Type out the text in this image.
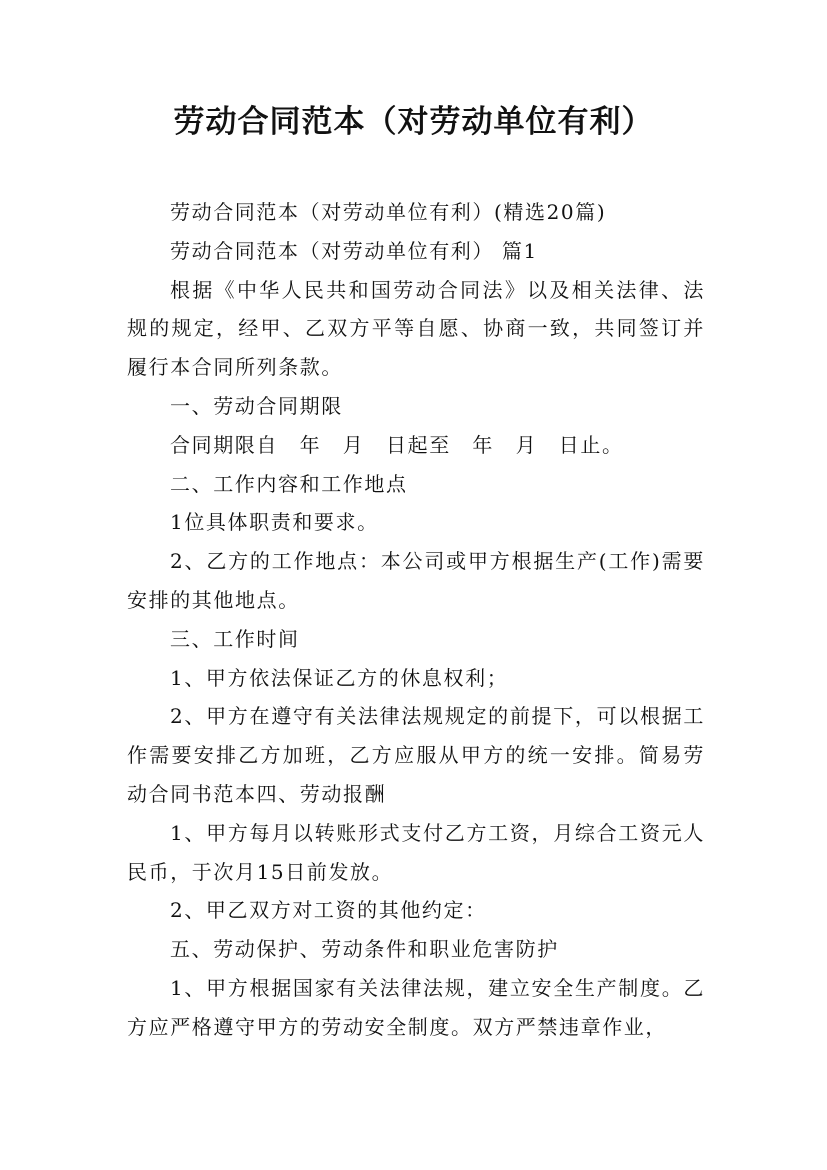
劳动合同范本（对劳动单位有利）

劳动合同范本（对劳动单位有利）(精选20篇)

劳动合同范本（对劳动单位有利） 篇1

根据《中华人民共和国劳动合同法》以及相关法律、法规的规定，经甲、乙双方平等自愿、协商一致，共同签订并履行本合同所列条款。

一、劳动合同期限

合同期限自　年　月　日起至　年　月　日止。

二、工作内容和工作地点

1位具体职责和要求。

2、乙方的工作地点：本公司或甲方根据生产(工作)需要安排的其他地点。

三、工作时间

1、甲方依法保证乙方的休息权利；

2、甲方在遵守有关法律法规规定的前提下，可以根据工作需要安排乙方加班，乙方应服从甲方的统一安排。简易劳动合同书范本四、劳动报酬

1、甲方每月以转账形式支付乙方工资，月综合工资元人民币，于次月15日前发放。

2、甲乙双方对工资的其他约定：

五、劳动保护、劳动条件和职业危害防护

1、甲方根据国家有关法律法规，建立安全生产制度。乙方应严格遵守甲方的劳动安全制度。双方严禁违章作业，
